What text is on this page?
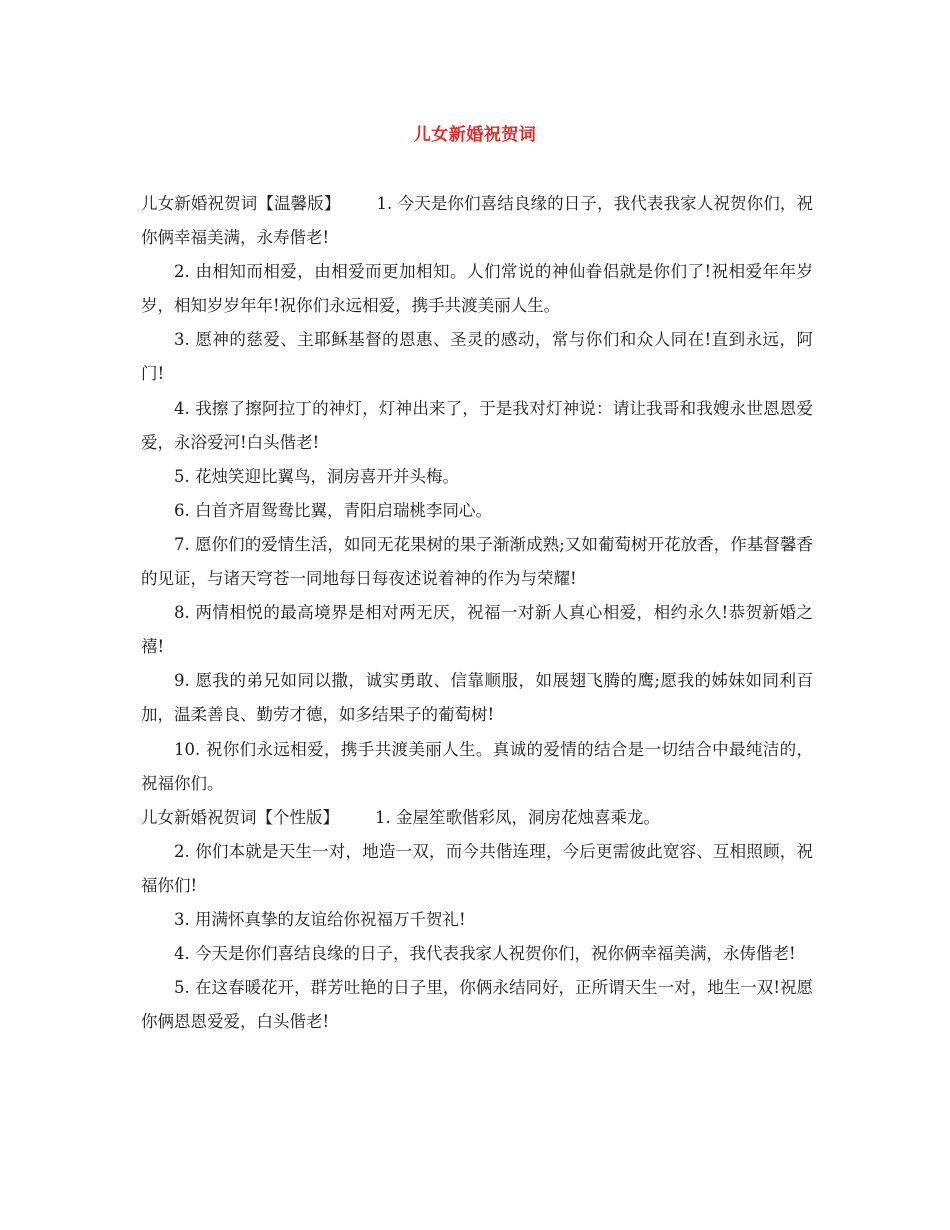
儿女新婚祝贺词

儿女新婚祝贺词【温馨版】 1. 今天是你们喜结良缘的日子，我代表我家人祝贺你们，祝你俩幸福美满，永寿偕老!

2. 由相知而相爱，由相爱而更加相知。人们常说的神仙眷侣就是你们了!祝相爱年年岁岁，相知岁岁年年!祝你们永远相爱，携手共渡美丽人生。

3. 愿神的慈爱、主耶稣基督的恩惠、圣灵的感动，常与你们和众人同在!直到永远，阿门!

4. 我擦了擦阿拉丁的神灯，灯神出来了，于是我对灯神说：请让我哥和我嫂永世恩恩爱爱，永浴爱河!白头偕老!

5. 花烛笑迎比翼鸟，洞房喜开并头梅。

6. 白首齐眉鸳鸯比翼，青阳启瑞桃李同心。

7. 愿你们的爱情生活，如同无花果树的果子渐渐成熟;又如葡萄树开花放香，作基督馨香的见证，与诸天穹苍一同地每日每夜述说着神的作为与荣耀!

8. 两情相悦的最高境界是相对两无厌，祝福一对新人真心相爱，相约永久!恭贺新婚之禧!

9. 愿我的弟兄如同以撒，诚实勇敢、信靠顺服，如展翅飞腾的鹰;愿我的姊妹如同利百加，温柔善良、勤劳才德，如多结果子的葡萄树!

10. 祝你们永远相爱，携手共渡美丽人生。真诚的爱情的结合是一切结合中最纯洁的，祝福你们。

儿女新婚祝贺词【个性版】 1. 金屋笙歌偕彩凤，洞房花烛喜乘龙。

2. 你们本就是天生一对，地造一双，而今共偕连理，今后更需彼此宽容、互相照顾，祝福你们!

3. 用满怀真挚的友谊给你祝福万千贺礼!

4. 今天是你们喜结良缘的日子，我代表我家人祝贺你们，祝你俩幸福美满，永俦偕老!

5. 在这春暖花开，群芳吐艳的日子里，你俩永结同好，正所谓天生一对，地生一双!祝愿你俩恩恩爱爱，白头偕老!
